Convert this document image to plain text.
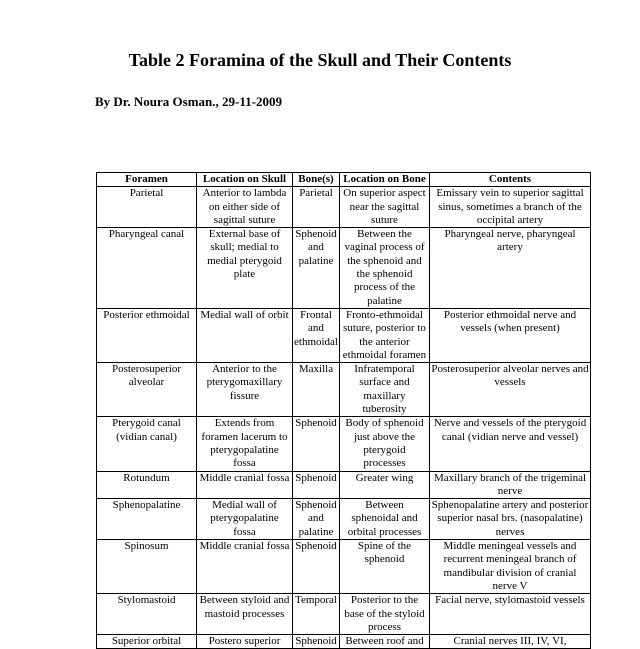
Table 2 Foramina of the Skull and Their Contents
By Dr. Noura Osman., 29-11-2009
Foramen	Location on Skull	Bone(s)	Location on Bone	Contents
Parietal	Anterior to lambda on either side of sagittal suture	Parietal	On superior aspect near the sagittal suture	Emissary vein to superior sagittal sinus, sometimes a branch of the occipital artery
Pharyngeal canal	External base of skull; medial to medial pterygoid plate	Sphenoid and palatine	Between the vaginal process of the sphenoid and the sphenoid process of the palatine	Pharyngeal nerve, pharyngeal artery
Posterior ethmoidal	Medial wall of orbit	Frontal and ethmoidal	Fronto-ethmoidal suture, posterior to the anterior ethmoidal foramen	Posterior ethmoidal nerve and vessels (when present)
Posterosuperior alveolar	Anterior to the pterygomaxillary fissure	Maxilla	Infratemporal surface and maxillary tuberosity	Posterosuperior alveolar nerves and vessels
Pterygoid canal (vidian canal)	Extends from foramen lacerum to pterygopalatine fossa	Sphenoid	Body of sphenoid just above the pterygoid processes	Nerve and vessels of the pterygoid canal (vidian nerve and vessel)
Rotundum	Middle cranial fossa	Sphenoid	Greater wing	Maxillary branch of the trigeminal nerve
Sphenopalatine	Medial wall of pterygopalatine fossa	Sphenoid and palatine	Between sphenoidal and orbital processes	Sphenopalatine artery and posterior superior nasal brs. (nasopalatine) nerves
Spinosum	Middle cranial fossa	Sphenoid	Spine of the sphenoid	Middle meningeal vessels and recurrent meningeal branch of mandibular division of cranial nerve V
Stylomastoid	Between styloid and mastoid processes	Temporal	Posterior to the base of the styloid process	Facial nerve, stylomastoid vessels
Superior orbital	Postero superior	Sphenoid	Between roof and	Cranial nerves III, IV, VI,
